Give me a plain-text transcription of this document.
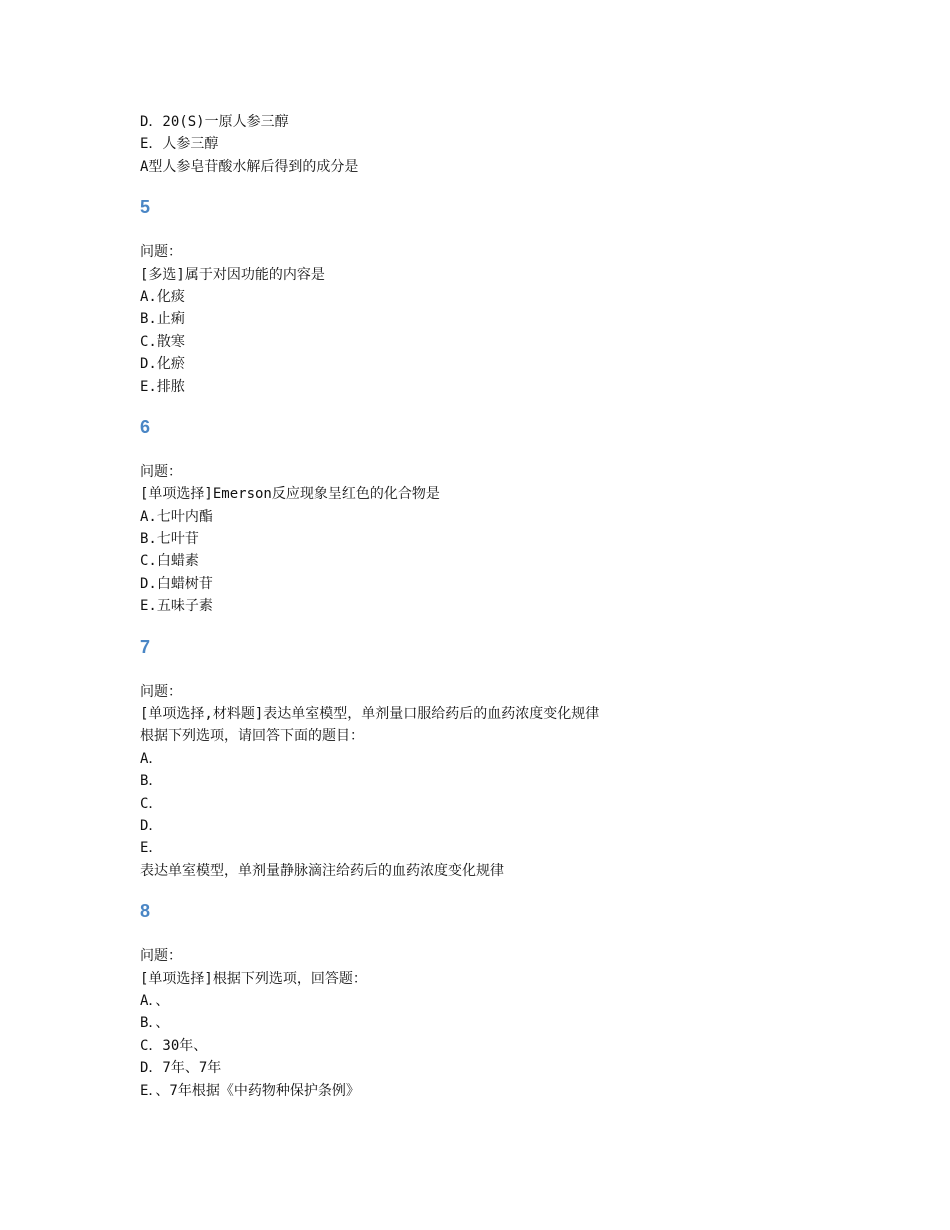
D．20(S)一原人参三醇
E．人参三醇
A型人参皂苷酸水解后得到的成分是
5
问题：
[多选]属于对因功能的内容是
A.化痰
B.止痢
C.散寒
D.化瘀
E.排脓
6
问题：
[单项选择]Emerson反应现象呈红色的化合物是
A.七叶内酯
B.七叶苷
C.白蜡素
D.白蜡树苷
E.五味子素
7
问题：
[单项选择,材料题]表达单室模型，单剂量口服给药后的血药浓度变化规律
根据下列选项，请回答下面的题目：
A．
B．
C．
D．
E．
表达单室模型，单剂量静脉滴注给药后的血药浓度变化规律
8
问题：
[单项选择]根据下列选项，回答题：
A．、
B．、
C．30年、
D．7年、7年
E．、7年根据《中药物种保护条例》
